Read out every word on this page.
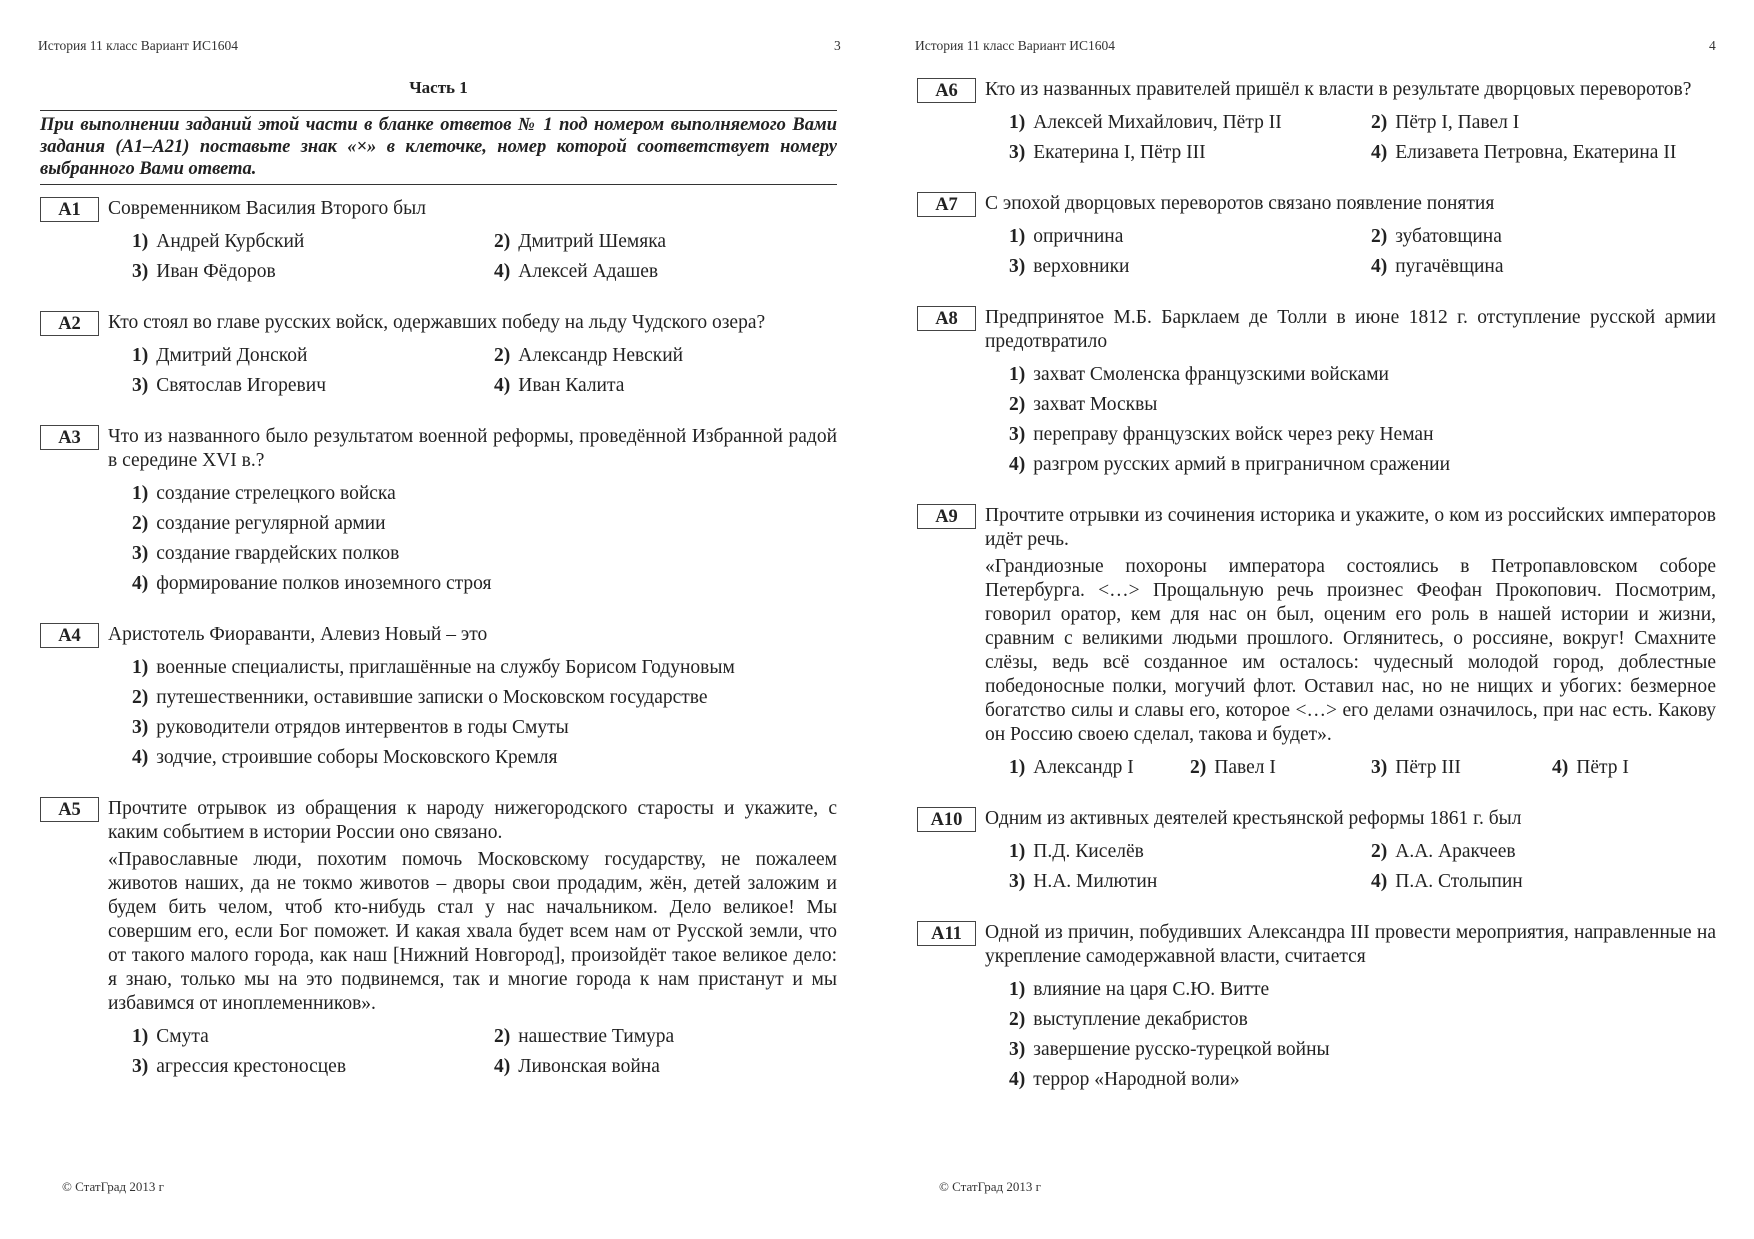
История 11 класс Вариант ИС1604	3
Часть 1
При выполнении заданий этой части в бланке ответов № 1 под номером выполняемого Вами задания (А1–А21) поставьте знак «×» в клеточке, номер которой соответствует номеру выбранного Вами ответа.
А1	Современником Василия Второго был
1) Андрей Курбский	2) Дмитрий Шемяка
3) Иван Фёдоров	4) Алексей Адашев
А2	Кто стоял во главе русских войск, одержавших победу на льду Чудского озера?
1) Дмитрий Донской	2) Александр Невский
3) Святослав Игоревич	4) Иван Калита
А3	Что из названного было результатом военной реформы, проведённой Избранной радой в середине XVI в.?
1) создание стрелецкого войска
2) создание регулярной армии
3) создание гвардейских полков
4) формирование полков иноземного строя
А4	Аристотель Фиораванти, Алевиз Новый – это
1) военные специалисты, приглашённые на службу Борисом Годуновым
2) путешественники, оставившие записки о Московском государстве
3) руководители отрядов интервентов в годы Смуты
4) зодчие, строившие соборы Московского Кремля
А5	Прочтите отрывок из обращения к народу нижегородского старосты и укажите, с каким событием в истории России оно связано.
«Православные люди, похотим помочь Московскому государству, не пожалеем животов наших, да не токмо животов – дворы свои продадим, жён, детей заложим и будем бить челом, чтоб кто-нибудь стал у нас начальником. Дело великое! Мы совершим его, если Бог поможет. И какая хвала будет всем нам от Русской земли, что от такого малого города, как наш [Нижний Новгород], произойдёт такое великое дело: я знаю, только мы на это подвинемся, так и многие города к нам пристанут и мы избавимся от иноплеменников».
1) Смута	2) нашествие Тимура
3) агрессия крестоносцев	4) Ливонская война
© СтатГрад 2013 г
История 11 класс Вариант ИС1604	4
А6	Кто из названных правителей пришёл к власти в результате дворцовых переворотов?
1) Алексей Михайлович, Пётр II	2) Пётр I, Павел I
3) Екатерина I, Пётр III	4) Елизавета Петровна, Екатерина II
А7	С эпохой дворцовых переворотов связано появление понятия
1) опричнина	2) зубатовщина
3) верховники	4) пугачёвщина
А8	Предпринятое М.Б. Барклаем де Толли в июне 1812 г. отступление русской армии предотвратило
1) захват Смоленска французскими войсками
2) захват Москвы
3) переправу французских войск через реку Неман
4) разгром русских армий в приграничном сражении
А9	Прочтите отрывки из сочинения историка и укажите, о ком из российских императоров идёт речь.
«Грандиозные похороны императора состоялись в Петропавловском соборе Петербурга. <…> Прощальную речь произнес Феофан Прокопович. Посмотрим, говорил оратор, кем для нас он был, оценим его роль в нашей истории и жизни, сравним с великими людьми прошлого. Оглянитесь, о россияне, вокруг! Смахните слёзы, ведь всё созданное им осталось: чудесный молодой город, доблестные победоносные полки, могучий флот. Оставил нас, но не нищих и убогих: безмерное богатство силы и славы его, которое <…> его делами означилось, при нас есть. Какову он Россию своею сделал, такова и будет».
1) Александр I	2) Павел I	3) Пётр III	4) Пётр I
А10	Одним из активных деятелей крестьянской реформы 1861 г. был
1) П.Д. Киселёв	2) А.А. Аракчеев
3) Н.А. Милютин	4) П.А. Столыпин
А11	Одной из причин, побудивших Александра III провести мероприятия, направленные на укрепление самодержавной власти, считается
1) влияние на царя С.Ю. Витте
2) выступление декабристов
3) завершение русско-турецкой войны
4) террор «Народной воли»
© СтатГрад 2013 г
